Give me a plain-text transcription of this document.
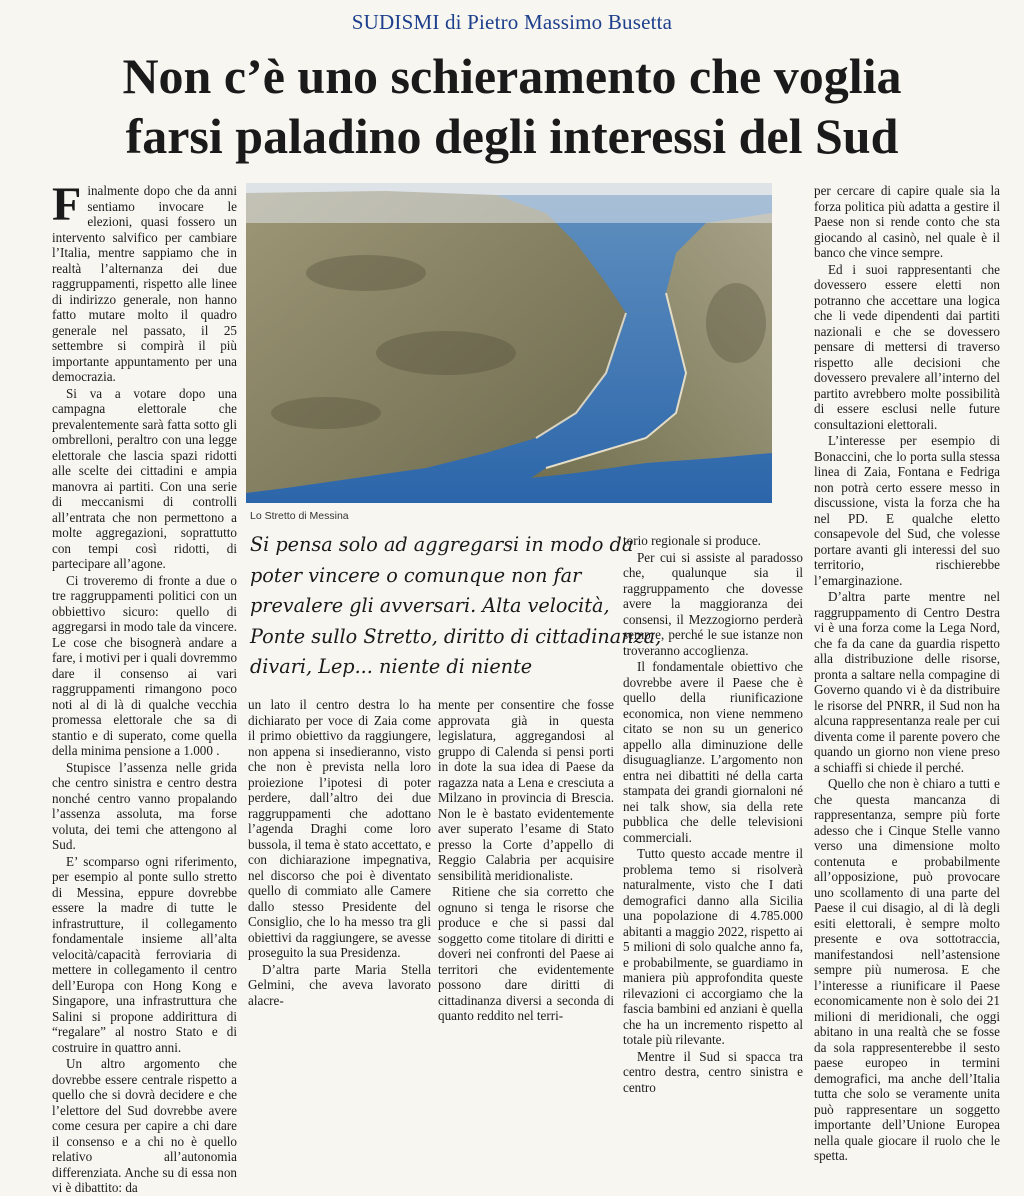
SUDISMI di Pietro Massimo Busetta
Non c’è uno schieramento che voglia
farsi paladino degli interessi del Sud

Finalmente dopo che da anni sentiamo invocare le elezioni, quasi fossero un intervento salvifico per cambiare l’Italia, mentre sappiamo che in realtà l’alternanza dei due raggruppamenti, rispetto alle linee di indirizzo generale, non hanno fatto mutare molto il quadro generale nel passato, il 25 settembre si compirà il più importante appuntamento per una democrazia.

Si va a votare dopo una campagna elettorale che prevalentemente sarà fatta sotto gli ombrelloni, peraltro con una legge elettorale che lascia spazi ridotti alle scelte dei cittadini e ampia manovra ai partiti. Con una serie di meccanismi di controlli all’entrata che non permettono a molte aggregazioni, soprattutto con tempi così ridotti, di partecipare all’agone.

Ci troveremo di fronte a due o tre raggruppamenti politici con un obbiettivo sicuro: quello di aggregarsi in modo tale da vincere. Le cose che bisognerà andare a fare, i motivi per i quali dovremmo dare il consenso ai vari raggruppamenti rimangono poco noti al di là di qualche vecchia promessa elettorale che sa di stantio e di superato, come quella della minima pensione a 1.000 .

Stupisce l’assenza nelle grida che centro sinistra e centro destra nonché centro vanno propalando l’assenza assoluta, ma forse voluta, dei temi che attengono al Sud.

E’ scomparso ogni riferimento, per esempio al ponte sullo stretto di Messina, eppure dovrebbe essere la madre di tutte le infrastrutture, il collegamento fondamentale insieme all’alta velocità/capacità ferroviaria di mettere in collegamento il centro dell’Europa con Hong Kong e Singapore, una infrastruttura che Salini si propone addirittura di “regalare” al nostro Stato e di costruire in quattro anni.

Un altro argomento che dovrebbe essere centrale rispetto a quello che si dovrà decidere e che l’elettore del Sud dovrebbe avere come cesura per capire a chi dare il consenso e a chi no è quello relativo all’autonomia differenziata. Anche su di essa non vi è dibattito: da

Lo Stretto di Messina
Si pensa solo ad aggregarsi in modo da
poter vincere o comunque non far
prevalere gli avversari. Alta velocità,
Ponte sullo Stretto, diritto di cittadinanza,
divari, Lep... niente di niente

un lato il centro destra lo ha dichiarato per voce di Zaia come il primo obiettivo da raggiungere, non appena si insedieranno, visto che non è prevista nella loro proiezione l’ipotesi di poter perdere, dall’altro dei due raggruppamenti che adottano l’agenda Draghi come loro bussola, il tema è stato accettato, e con dichiarazione impegnativa, nel discorso che poi è diventato quello di commiato alle Camere dallo stesso Presidente del Consiglio, che lo ha messo tra gli obiettivi da raggiungere, se avesse proseguito la sua Presidenza.

D’altra parte Maria Stella Gelmini, che aveva lavorato alacre-

mente per consentire che fosse approvata già in questa legislatura, aggregandosi al gruppo di Calenda si pensi porti in dote la sua idea di Paese da ragazza nata a Lena e cresciuta a Milzano in provincia di Brescia. Non le è bastato evidentemente aver superato l’esame di Stato presso la Corte d’appello di Reggio Calabria per acquisire sensibilità meridionaliste.

Ritiene che sia corretto che ognuno si tenga le risorse che produce e che si passi dal soggetto come titolare di diritti e doveri nei confronti del Paese ai territori che evidentemente possono dare diritti di cittadinanza diversi a seconda di quanto reddito nel terri-

torio regionale si produce.

Per cui si assiste al paradosso che, qualunque sia il raggruppamento che dovesse avere la maggioranza dei consensi, il Mezzogiorno perderà sempre, perché le sue istanze non troveranno accoglienza.

Il fondamentale obiettivo che dovrebbe avere il Paese che è quello della riunificazione economica, non viene nemmeno citato se non su un generico appello alla diminuzione delle disuguaglianze. L’argomento non entra nei dibattiti né della carta stampata dei grandi giornaloni né nei talk show, sia della rete pubblica che delle televisioni commerciali.

Tutto questo accade mentre il problema temo si risolverà naturalmente, visto che I dati demografici danno alla Sicilia una popolazione di 4.785.000 abitanti a maggio 2022, rispetto ai 5 milioni di solo qualche anno fa, e probabilmente, se guardiamo in maniera più approfondita queste rilevazioni ci accorgiamo che la fascia bambini ed anziani è quella che ha un incremento rispetto al totale più rilevante.

Mentre il Sud si spacca tra centro destra, centro sinistra e centro

per cercare di capire quale sia la forza politica più adatta a gestire il Paese non si rende conto che sta giocando al casinò, nel quale è il banco che vince sempre.

Ed i suoi rappresentanti che dovessero essere eletti non potranno che accettare una logica che li vede dipendenti dai partiti nazionali e che se dovessero pensare di mettersi di traverso rispetto alle decisioni che dovessero prevalere all’interno del partito avrebbero molte possibilità di essere esclusi nelle future consultazioni elettorali.

L’interesse per esempio di Bonaccini, che lo porta sulla stessa linea di Zaia, Fontana e Fedriga non potrà certo essere messo in discussione, vista la forza che ha nel PD. E qualche eletto consapevole del Sud, che volesse portare avanti gli interessi del suo territorio, rischierebbe l’emarginazione.

D’altra parte mentre nel raggruppamento di Centro Destra vi è una forza come la Lega Nord, che fa da cane da guardia rispetto alla distribuzione delle risorse, pronta a saltare nella compagine di Governo quando vi è da distribuire le risorse del PNRR, il Sud non ha alcuna rappresentanza reale per cui diventa come il parente povero che quando un giorno non viene preso a schiaffi si chiede il perché.

Quello che non è chiaro a tutti e che questa mancanza di rappresentanza, sempre più forte adesso che i Cinque Stelle vanno verso una dimensione molto contenuta e probabilmente all’opposizione, può provocare uno scollamento di una parte del Paese il cui disagio, al di là degli esiti elettorali, è sempre molto presente e ova sottotraccia, manifestandosi nell’astensione sempre più numerosa. E che l’interesse a riunificare il Paese economicamente non è solo dei 21 milioni di meridionali, che oggi abitano in una realtà che se fosse da sola rappresenterebbe il sesto paese europeo in termini demografici, ma anche dell’Italia tutta che solo se veramente unita può rappresentare un soggetto importante dell’Unione Europea nella quale giocare il ruolo che le spetta.
